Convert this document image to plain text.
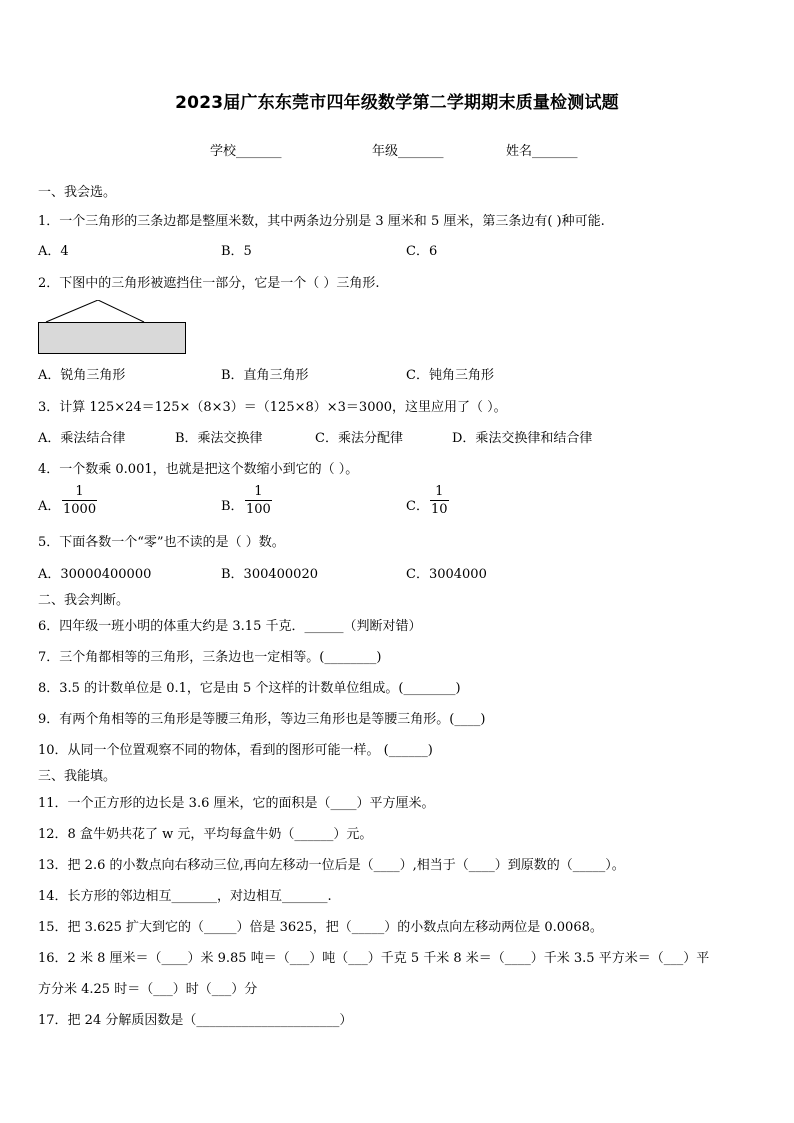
2023届广东东莞市四年级数学第二学期期末质量检测试题
学校_______	年级_______	姓名_______
一、我会选。
1．一个三角形的三条边都是整厘米数，其中两条边分别是 3 厘米和 5 厘米，第三条边有( )种可能.
A．4	B．5	C．6
2．下图中的三角形被遮挡住一部分，它是一个（ ）三角形.
A．锐角三角形	B．直角三角形	C．钝角三角形
3．计算 125×24＝125×（8×3）＝（125×8）×3＝3000，这里应用了（ ）。
A．乘法结合律	B．乘法交换律	C．乘法分配律	D．乘法交换律和结合律
4．一个数乘 0.001，也就是把这个数缩小到它的（ ）。
A．
1
1000	B．
1
100	C．
1
10
5．下面各数一个“零”也不读的是（ ）数。
A．30000400000	B．300400020	C．3004000
二、我会判断。
6．四年级一班小明的体重大约是 3.15 千克．______（判断对错）
7．三个角都相等的三角形，三条边也一定相等。(________)
8．3.5 的计数单位是 0.1，它是由 5 个这样的计数单位组成。(________)
9．有两个角相等的三角形是等腰三角形，等边三角形也是等腰三角形。(____)
10．从同一个位置观察不同的物体，看到的图形可能一样。 (______)
三、我能填。
11．一个正方形的边长是 3.6 厘米，它的面积是（____）平方厘米。
12．8 盒牛奶共花了 w 元，平均每盒牛奶（______）元。
13．把 2.6 的小数点向右移动三位,再向左移动一位后是（____）,相当于（____）到原数的（_____）。
14．长方形的邻边相互_______，对边相互_______.
15．把 3.625 扩大到它的（_____）倍是 3625，把（_____）的小数点向左移动两位是 0.0068。
16．2 米 8 厘米＝（____）米 9.85 吨＝（___）吨（___）千克 5 千米 8 米＝（____）千米 3.5 平方米＝（___）平
方分米 4.25 时＝（___）时（___）分
17．把 24 分解质因数是（______________________）
